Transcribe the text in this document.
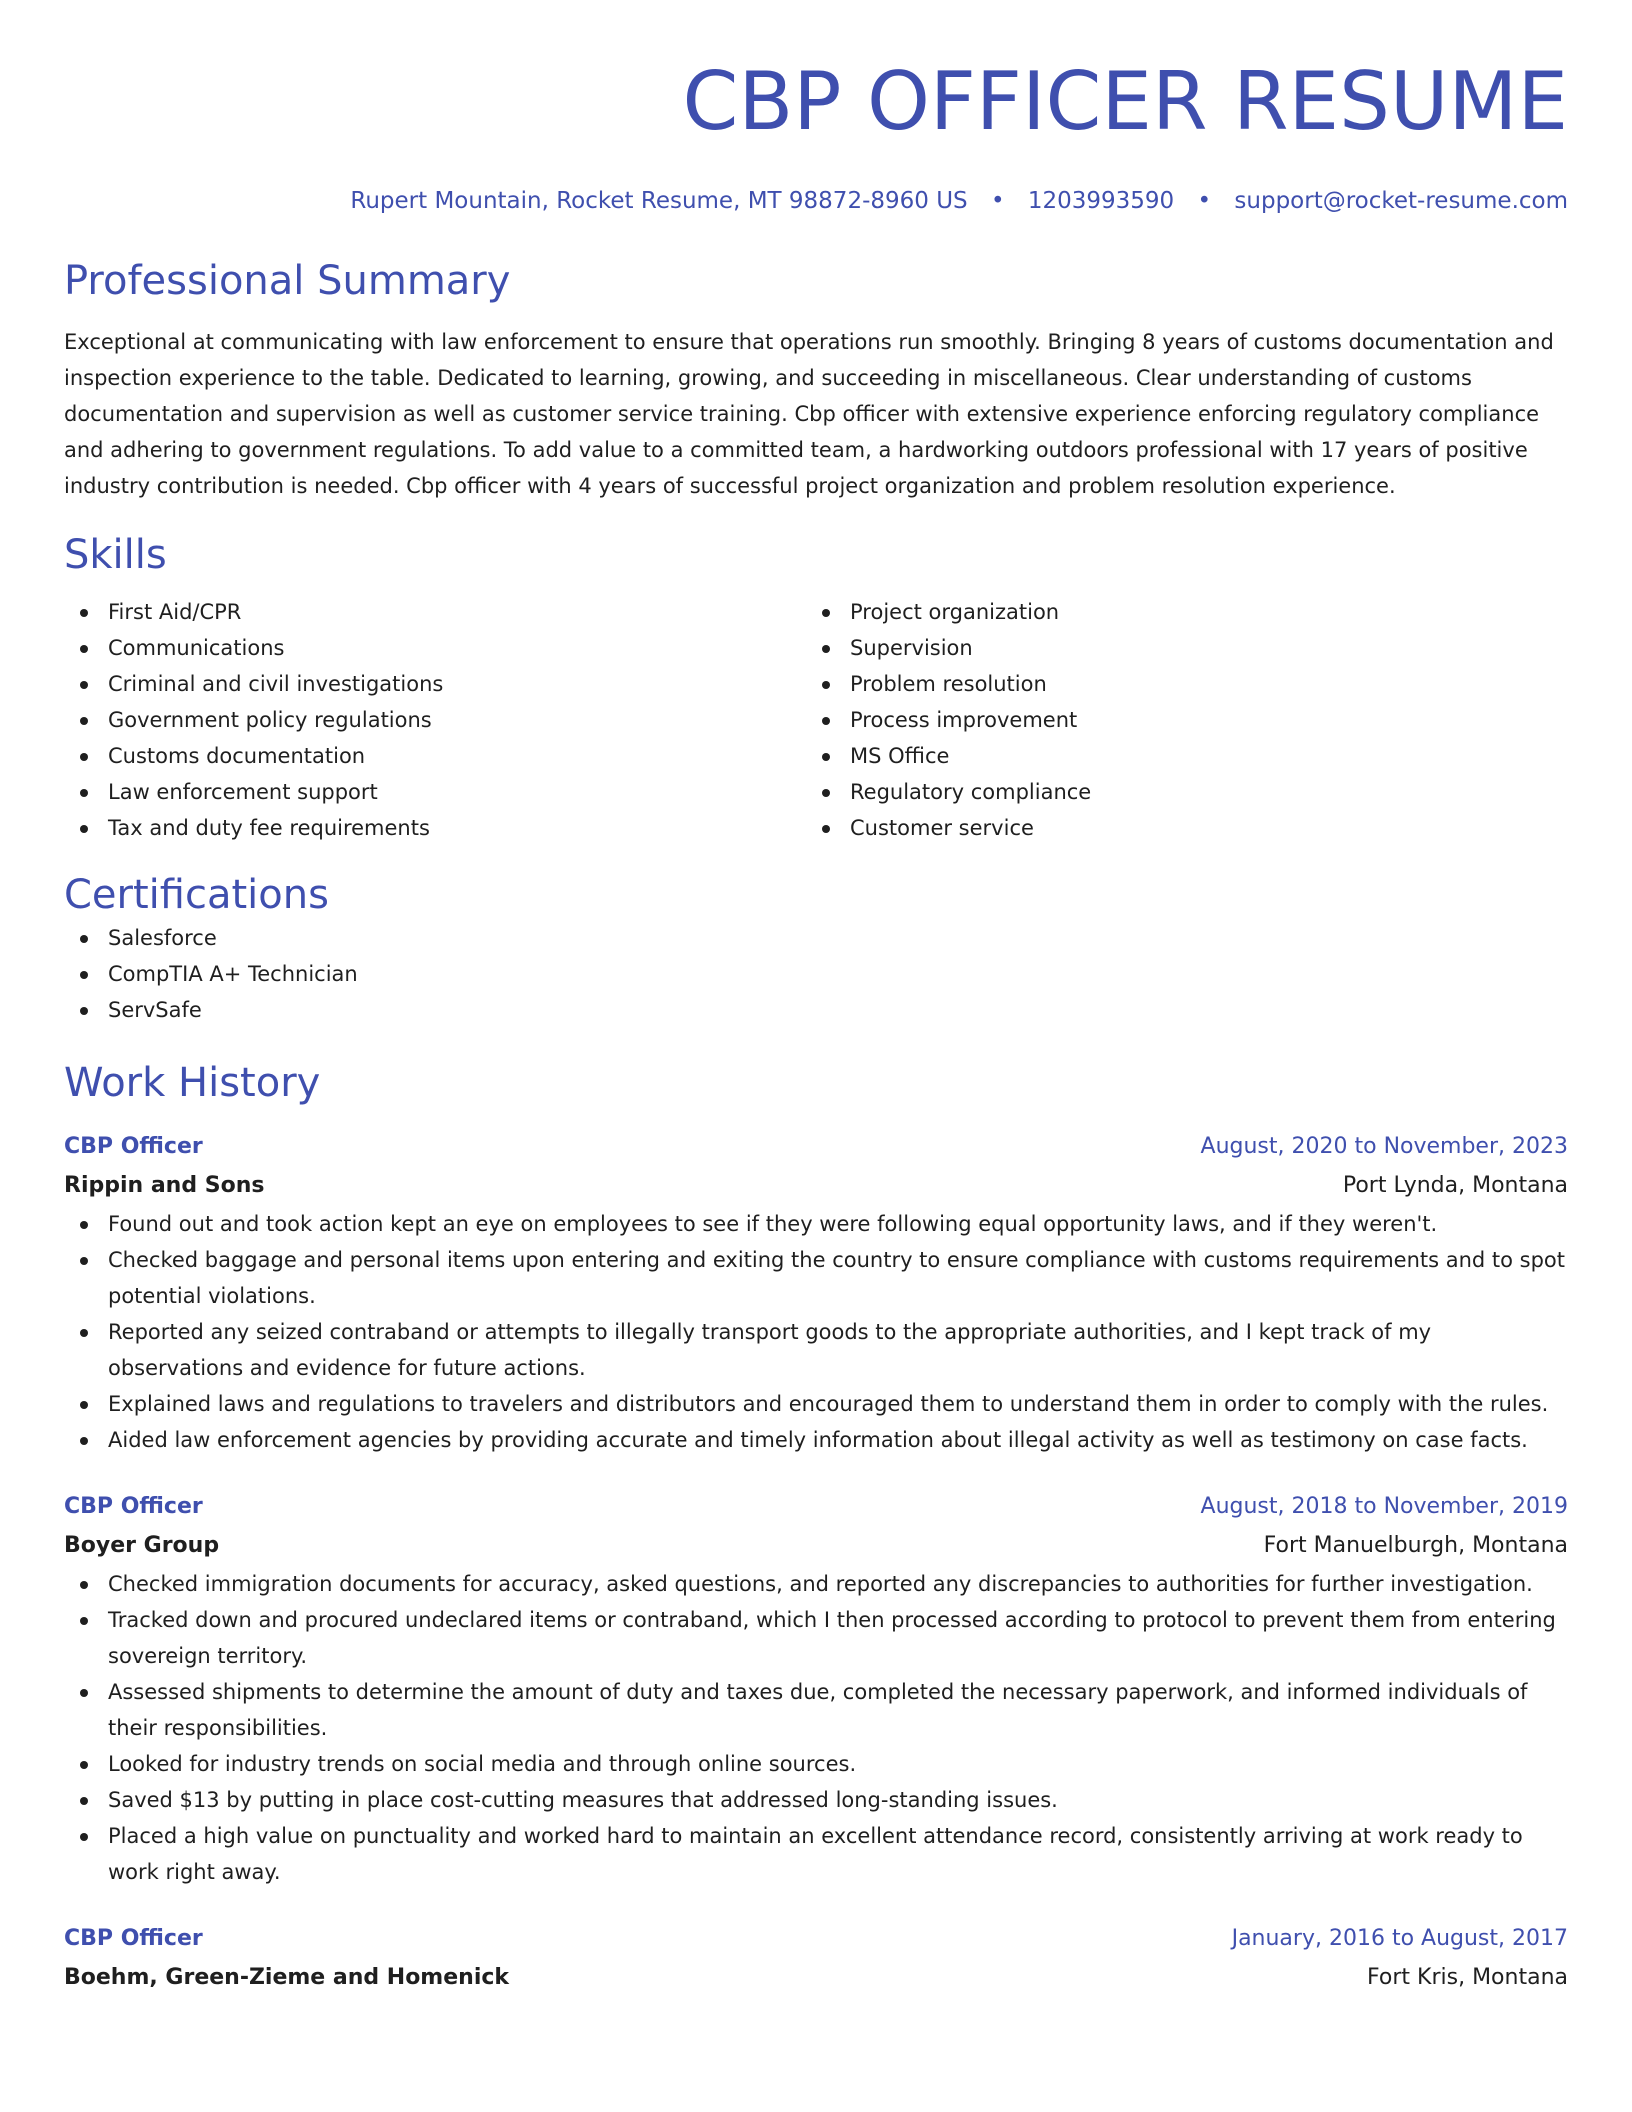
CBP OFFICER RESUME
Rupert Mountain, Rocket Resume, MT 98872-8960 US • 1203993590 • support@rocket-resume.com
Professional Summary
Exceptional at communicating with law enforcement to ensure that operations run smoothly. Bringing 8 years of customs documentation and inspection experience to the table. Dedicated to learning, growing, and succeeding in miscellaneous. Clear understanding of customs documentation and supervision as well as customer service training. Cbp officer with extensive experience enforcing regulatory compliance and adhering to government regulations. To add value to a committed team, a hardworking outdoors professional with 17 years of positive industry contribution is needed. Cbp officer with 4 years of successful project organization and problem resolution experience.
Skills
First Aid/CPR
Communications
Criminal and civil investigations
Government policy regulations
Customs documentation
Law enforcement support
Tax and duty fee requirements
Project organization
Supervision
Problem resolution
Process improvement
MS Office
Regulatory compliance
Customer service
Certifications
Salesforce
CompTIA A+ Technician
ServSafe
Work History
CBP Officer	August, 2020 to November, 2023
Rippin and Sons	Port Lynda, Montana
Found out and took action kept an eye on employees to see if they were following equal opportunity laws, and if they weren't.
Checked baggage and personal items upon entering and exiting the country to ensure compliance with customs requirements and to spot potential violations.
Reported any seized contraband or attempts to illegally transport goods to the appropriate authorities, and I kept track of my observations and evidence for future actions.
Explained laws and regulations to travelers and distributors and encouraged them to understand them in order to comply with the rules.
Aided law enforcement agencies by providing accurate and timely information about illegal activity as well as testimony on case facts.
CBP Officer	August, 2018 to November, 2019
Boyer Group	Fort Manuelburgh, Montana
Checked immigration documents for accuracy, asked questions, and reported any discrepancies to authorities for further investigation.
Tracked down and procured undeclared items or contraband, which I then processed according to protocol to prevent them from entering sovereign territory.
Assessed shipments to determine the amount of duty and taxes due, completed the necessary paperwork, and informed individuals of their responsibilities.
Looked for industry trends on social media and through online sources.
Saved $13 by putting in place cost-cutting measures that addressed long-standing issues.
Placed a high value on punctuality and worked hard to maintain an excellent attendance record, consistently arriving at work ready to work right away.
CBP Officer	January, 2016 to August, 2017
Boehm, Green-Zieme and Homenick	Fort Kris, Montana
